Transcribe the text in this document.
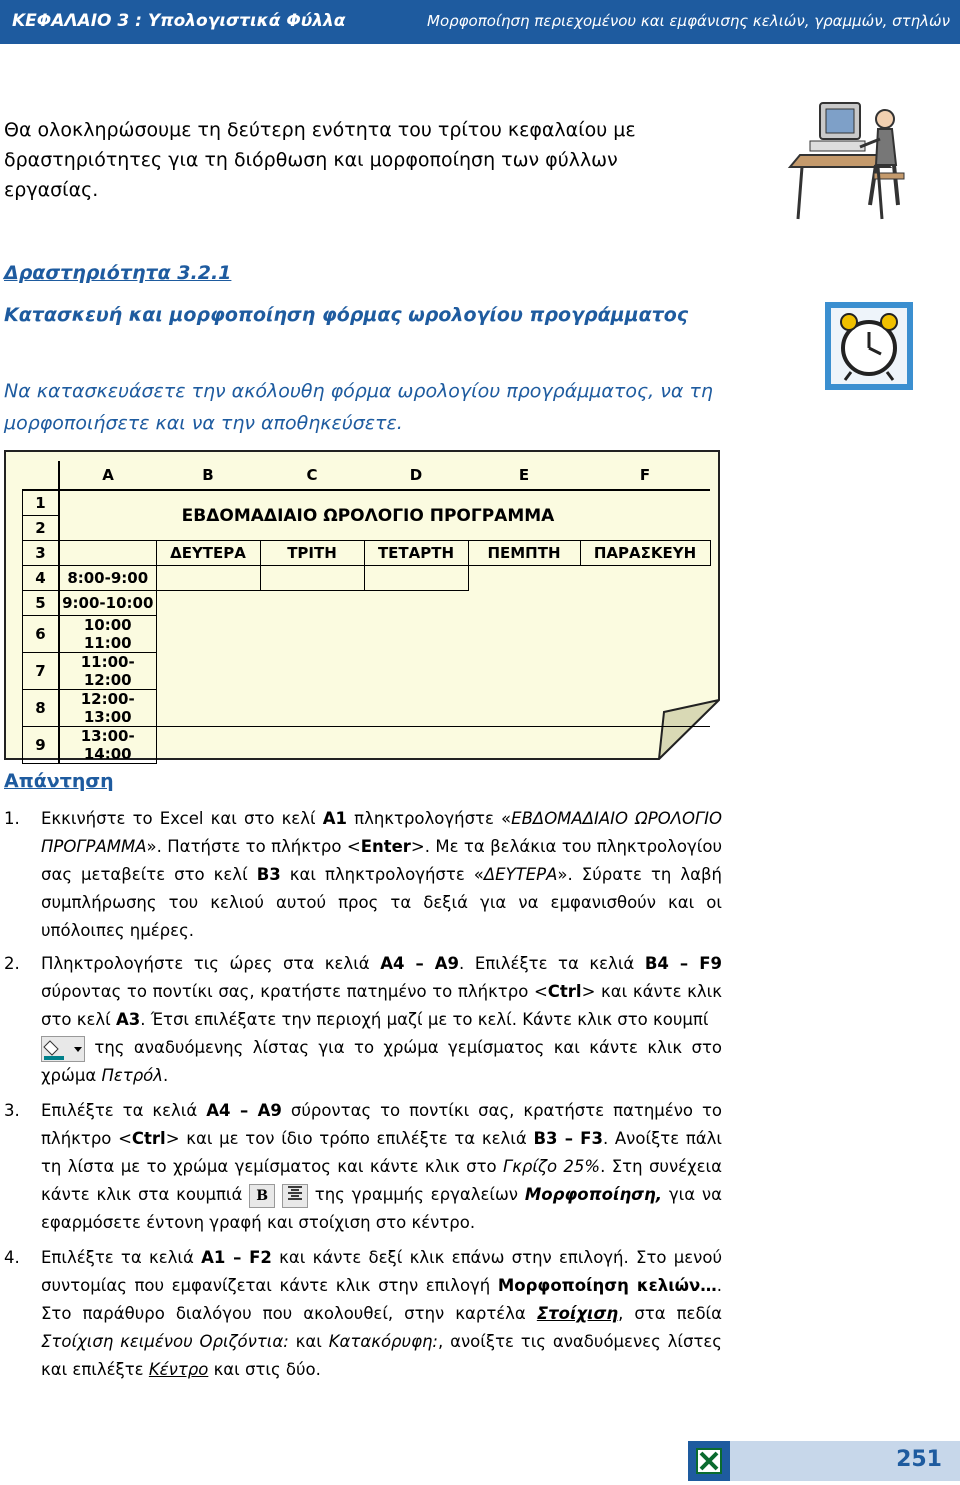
ΚΕΦΑΛΑΙΟ 3 : Υπολογιστικά Φύλλα	Μορφοποίηση περιεχομένου και εμφάνισης κελιών, γραμμών, στηλών
Θα ολοκληρώσουμε τη δεύτερη ενότητα του τρίτου κεφαλαίου με δραστηριότητες για τη διόρθωση και μορφοποίηση των φύλλων εργασίας.
Δραστηριότητα 3.2.1
Κατασκευή και μορφοποίηση φόρμας ωρολογίου προγράμματος
Να κατασκευάσετε την ακόλουθη φόρμα ωρολογίου προγράμματος, να τη μορφοποιήσετε και να την αποθηκεύσετε.
	A	B	C	D	E	F
1		ΕΒΔΟΜΑΔΙΑΙΟ ΩΡΟΛΟΓΙΟ ΠΡΟΓΡΑΜΜΑ				
2						
3		ΔΕΥΤΕΡΑ	ΤΡΙΤΗ	ΤΕΤΑΡΤΗ	ΠΕΜΠΤΗ	ΠΑΡΑΣΚΕΥΗ
4	8:00-9:00					
5	9:00-10:00					
6	10:00 11:00					
7	11:00-12:00					
8	12:00-13:00					
9	13:00-14:00					
Απάντηση
1. Εκκινήστε το Excel και στο κελί A1 πληκτρολογήστε «ΕΒΔΟΜΑΔΙΑΙΟ ΩΡΟΛΟΓΙΟ ΠΡΟΓΡΑΜΜΑ». Πατήστε το πλήκτρο <Enter>. Με τα βελάκια του πληκτρολογίου σας μεταβείτε στο κελί B3 και πληκτρολογήστε «ΔΕΥΤΕΡΑ». Σύρατε τη λαβή συμπλήρωσης του κελιού αυτού προς τα δεξιά για να εμφανισθούν και οι υπόλοιπες ημέρες.
2. Πληκτρολογήστε τις ώρες στα κελιά A4 – A9. Επιλέξτε τα κελιά B4 – F9 σύροντας το ποντίκι σας, κρατήστε πατημένο το πλήκτρο <Ctrl> και κάντε κλικ στο κελί A3. Έτσι επιλέξατε την περιοχή μαζί με το κελί. Κάντε κλικ στο κουμπί
της αναδυόμενης λίστας για το χρώμα γεμίσματος και κάντε κλικ στο χρώμα Πετρόλ.
3. Επιλέξτε τα κελιά A4 – A9 σύροντας το ποντίκι σας, κρατήστε πατημένο το πλήκτρο <Ctrl> και με τον ίδιο τρόπο επιλέξτε τα κελιά B3 – F3. Ανοίξτε πάλι τη λίστα με το χρώμα γεμίσματος και κάντε κλικ στο Γκρίζο 25%. Στη συνέχεια κάντε κλικ στα κουμπιά B  της γραμμής εργαλείων Μορφοποίηση, για να εφαρμόσετε έντονη γραφή και στοίχιση στο κέντρο.
4. Επιλέξτε τα κελιά A1 – F2 και κάντε δεξί κλικ επάνω στην επιλογή. Στο μενού συντομίας που εμφανίζεται κάντε κλικ στην επιλογή Μορφοποίηση κελιών…. Στο παράθυρο διαλόγου που ακολουθεί, στην καρτέλα Στοίχιση, στα πεδία Στοίχιση κειμένου Οριζόντια: και Κατακόρυφη:, ανοίξτε τις αναδυόμενες λίστες και επιλέξτε Κέντρο και στις δύο.
251
